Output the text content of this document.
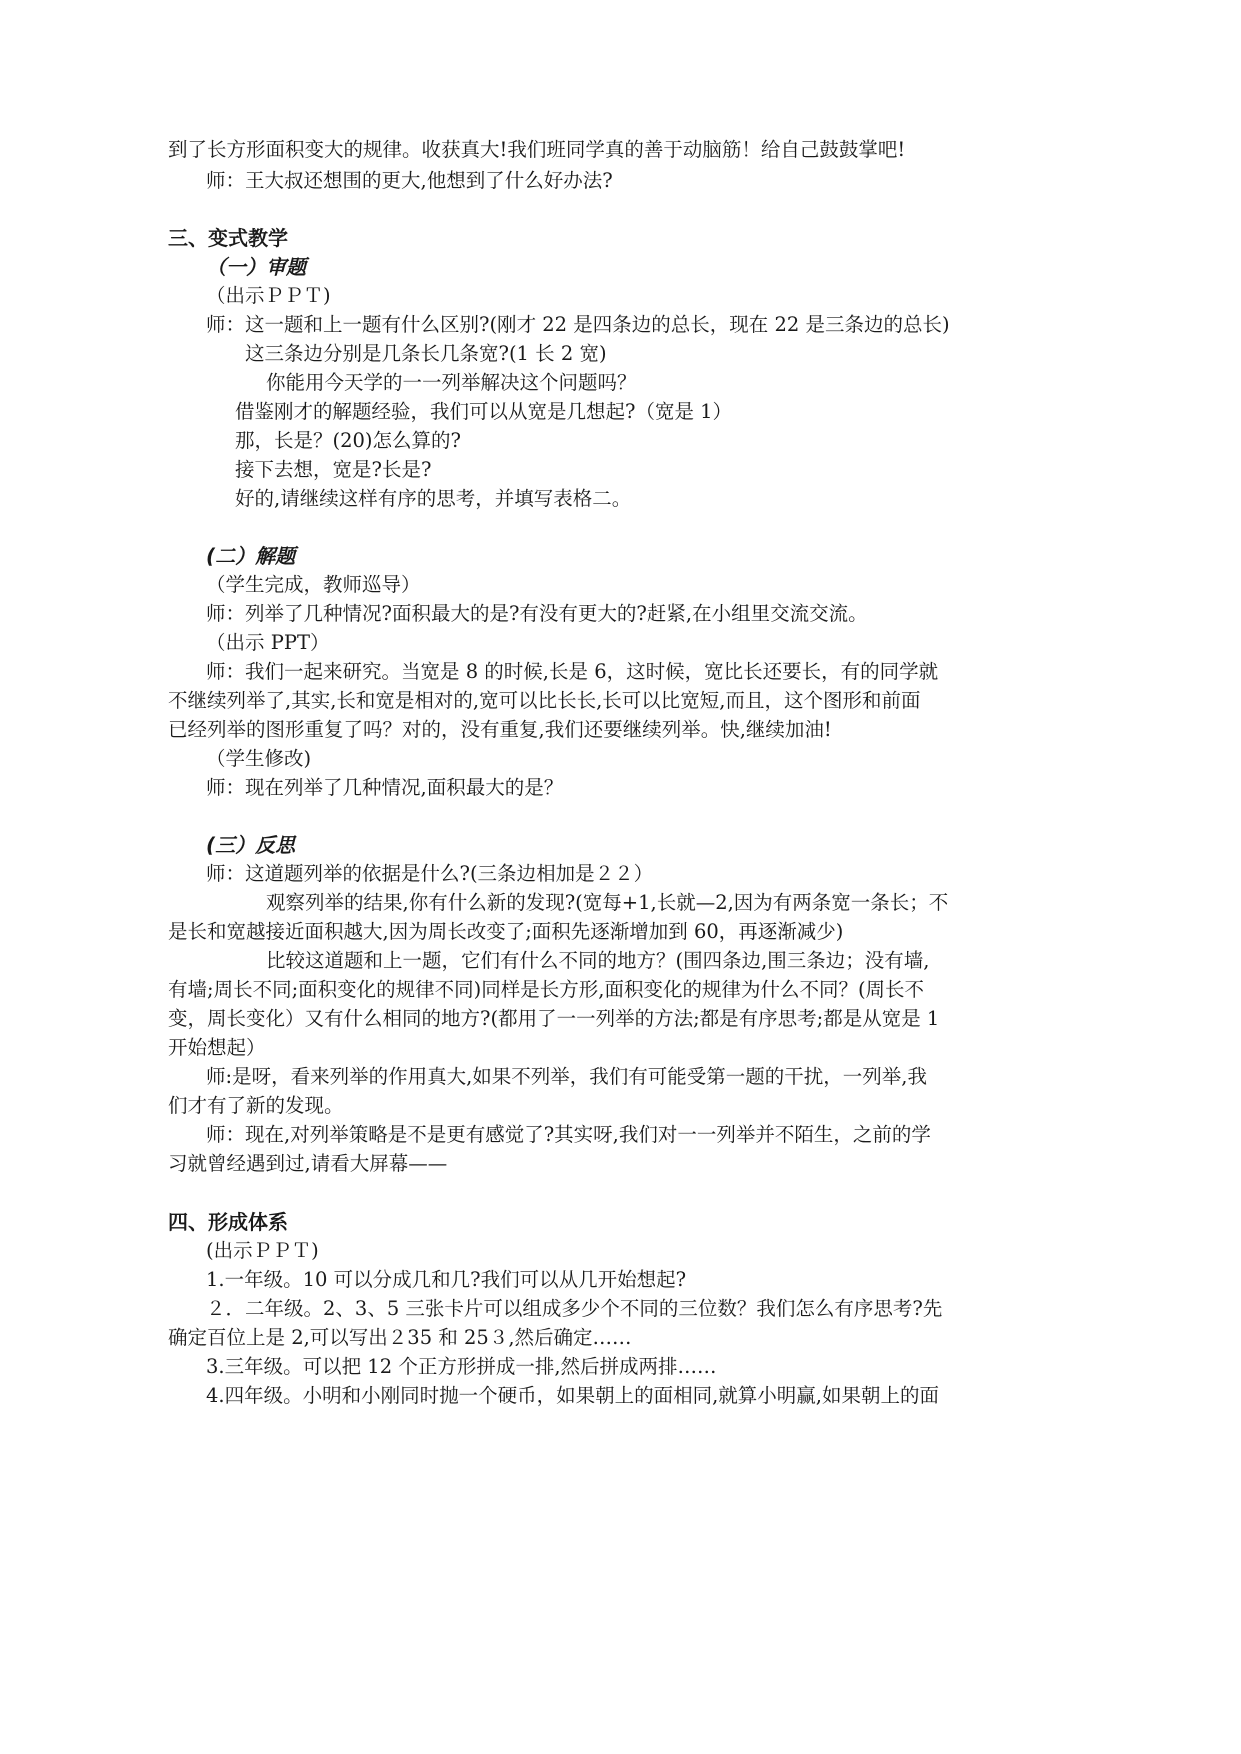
到了长方形面积变大的规律。收获真大!我们班同学真的善于动脑筋！给自己鼓鼓掌吧!
师：王大叔还想围的更大,他想到了什么好办法?
三、变式教学
（一）审题
（出示ＰＰＴ)
师：这一题和上一题有什么区别?(刚才 22 是四条边的总长，现在 22 是三条边的总长)
这三条边分别是几条长几条宽?(1 长 2 宽)
你能用今天学的一一列举解决这个问题吗？
借鉴刚才的解题经验，我们可以从宽是几想起?（宽是 1）
那，长是？(20)怎么算的?
接下去想，宽是?长是?
好的,请继续这样有序的思考，并填写表格二。
(二）解题
（学生完成，教师巡导）
师：列举了几种情况?面积最大的是?有没有更大的?赶紧,在小组里交流交流。
（出示 PPT）
师：我们一起来研究。当宽是 8 的时候,长是 6，这时候，宽比长还要长，有的同学就
不继续列举了,其实,长和宽是相对的,宽可以比长长,长可以比宽短,而且，这个图形和前面
已经列举的图形重复了吗？对的，没有重复,我们还要继续列举。快,继续加油!
（学生修改)
师：现在列举了几种情况,面积最大的是？
(三）反思
师：这道题列举的依据是什么?(三条边相加是２２）
观察列举的结果,你有什么新的发现?(宽每+1,长就—2,因为有两条宽一条长；不
是长和宽越接近面积越大,因为周长改变了;面积先逐渐增加到 60，再逐渐减少)
比较这道题和上一题，它们有什么不同的地方？(围四条边,围三条边；没有墙,
有墙;周长不同;面积变化的规律不同)同样是长方形,面积变化的规律为什么不同？(周长不
变，周长变化）又有什么相同的地方?(都用了一一列举的方法;都是有序思考;都是从宽是 1
开始想起）
师:是呀，看来列举的作用真大,如果不列举，我们有可能受第一题的干扰，一列举,我
们才有了新的发现。
师：现在,对列举策略是不是更有感觉了?其实呀,我们对一一列举并不陌生，之前的学
习就曾经遇到过,请看大屏幕——
四、形成体系
(出示ＰＰＴ)
1.一年级。10 可以分成几和几?我们可以从几开始想起?
２．二年级。2、3、5 三张卡片可以组成多少个不同的三位数？我们怎么有序思考?先
确定百位上是 2,可以写出２35 和 25３,然后确定……
3.三年级。可以把 12 个正方形拼成一排,然后拼成两排……
4.四年级。小明和小刚同时抛一个硬币，如果朝上的面相同,就算小明赢,如果朝上的面
